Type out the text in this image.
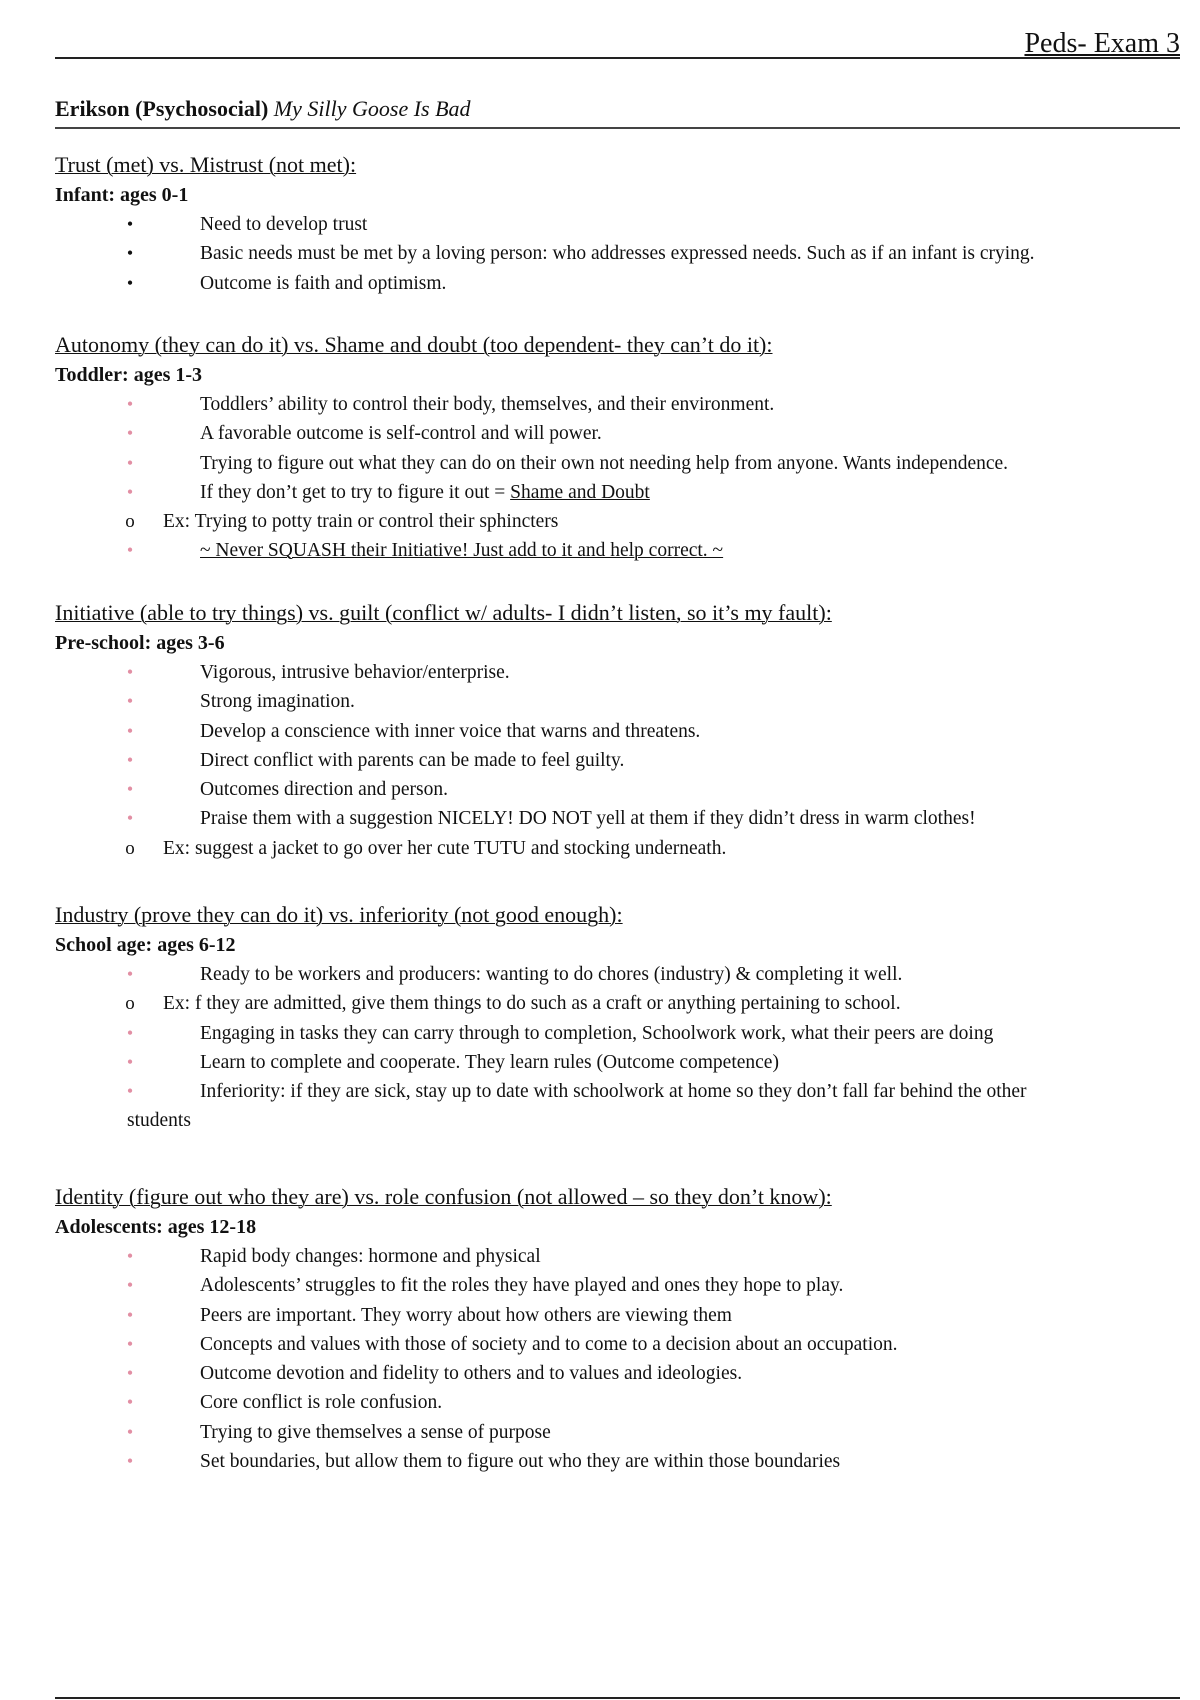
Peds- Exam 3
Erikson (Psychosocial) My Silly Goose Is Bad
Trust (met) vs. Mistrust (not met):
Infant: ages 0-1
•	Need to develop trust
•	Basic needs must be met by a loving person: who addresses expressed needs. Such as if an infant is crying.
•	Outcome is faith and optimism.
Autonomy (they can do it) vs. Shame and doubt (too dependent- they can’t do it):
Toddler: ages 1-3
•	Toddlers’ ability to control their body, themselves, and their environment.
•	A favorable outcome is self-control and will power.
•	Trying to figure out what they can do on their own not needing help from anyone. Wants independence.
•	If they don’t get to try to figure it out = Shame and Doubt
o Ex: Trying to potty train or control their sphincters
•	~ Never SQUASH their Initiative! Just add to it and help correct. ~
Initiative (able to try things) vs. guilt (conflict w/ adults- I didn’t listen, so it’s my fault):
Pre-school: ages 3-6
•	Vigorous, intrusive behavior/enterprise.
•	Strong imagination.
•	Develop a conscience with inner voice that warns and threatens.
•	Direct conflict with parents can be made to feel guilty.
•	Outcomes direction and person.
•	Praise them with a suggestion NICELY! DO NOT yell at them if they didn’t dress in warm clothes!
o Ex: suggest a jacket to go over her cute TUTU and stocking underneath.
Industry (prove they can do it) vs. inferiority (not good enough):
School age: ages 6-12
•	Ready to be workers and producers: wanting to do chores (industry) & completing it well.
o Ex: f they are admitted, give them things to do such as a craft or anything pertaining to school.
•	Engaging in tasks they can carry through to completion, Schoolwork work, what their peers are doing
•	Learn to complete and cooperate. They learn rules (Outcome competence)
•	Inferiority: if they are sick, stay up to date with schoolwork at home so they don’t fall far behind the other
students
Identity (figure out who they are) vs. role confusion (not allowed – so they don’t know):
Adolescents: ages 12-18
•	Rapid body changes: hormone and physical
•	Adolescents’ struggles to fit the roles they have played and ones they hope to play.
•	Peers are important. They worry about how others are viewing them
•	Concepts and values with those of society and to come to a decision about an occupation.
•	Outcome devotion and fidelity to others and to values and ideologies.
•	Core conflict is role confusion.
•	Trying to give themselves a sense of purpose
•	Set boundaries, but allow them to figure out who they are within those boundaries
